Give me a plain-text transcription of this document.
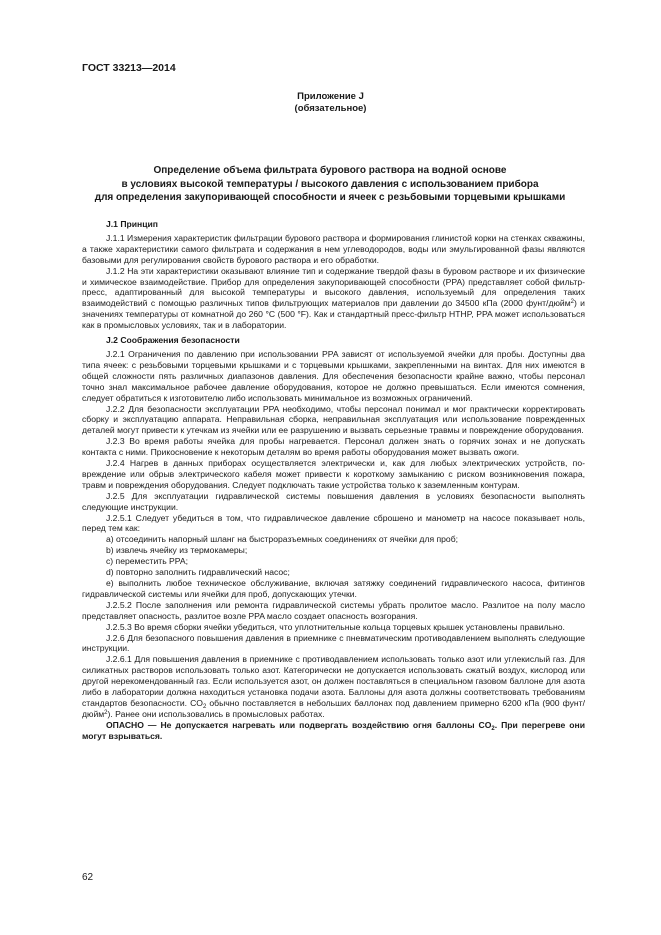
ГОСТ 33213—2014

Приложение J

(обязательное)

Определение объема фильтрата бурового раствора на водной основе
в условиях высокой температуры / высокого давления с использованием прибора
для определения закупоривающей способности и ячеек с резьбовыми торцевыми крышками

J.1 Принцип

J.1.1 Измерения характеристик фильтрации бурового раствора и формирования глинистой корки на стенках скважины, а также характеристики самого фильтрата и содержания в нем углеводородов, воды или эмульгированной фазы являются базовыми для регулирования свойств бурового раствора и его обработки.

J.1.2 На эти характеристики оказывают влияние тип и содержание твердой фазы в буровом растворе и их физические и химическое взаимодействие. Прибор для определения закупоривающей способности (PPA) представляет собой фильтр-пресс, адаптированный для высокой температуры и высокого давления, используемый для определения таких взаимодействий с помощью различных типов фильтрующих материалов при давлении до 34500 кПа (2000 фунт/дюйм$^2$) и значениях температуры от комнатной до 260 °С (500 °F). Как и стандартный пресс-фильтр HTHP, PPA может использоваться как в промысловых условиях, так и в лаборатории.

J.2 Соображения безопасности

J.2.1 Ограничения по давлению при использовании PPA зависят от используемой ячейки для пробы. Доступны два типа ячеек: с резьбовыми торцевыми крышками и с торцевыми крышками, закрепленными на винтах. Для них имеются в общей сложности пять различных диапазонов давления. Для обеспечения безопасности крайне важно, чтобы персонал точно знал максимальное рабочее давление оборудования, которое не должно превышаться. Если имеются сомнения, следует обратиться к изготовителю либо использовать минимальное из возможных ограничений.

J.2.2 Для безопасности эксплуатации PPA необходимо, чтобы персонал понимал и мог практически корректировать сборку и эксплуатацию аппарата. Неправильная сборка, неправильная эксплуатация или использование поврежденных деталей могут привести к утечкам из ячейки или ее разрушению и вызвать серьезные травмы и повреждение оборудования.

J.2.3 Во время работы ячейка для пробы нагревается. Персонал должен знать о горячих зонах и не допускать контакта с ними. Прикосновение к некоторым деталям во время работы оборудования может вызвать ожоги.

J.2.4 Нагрев в данных приборах осуществляется электрически и, как для любых электрических устройств, повреждение или обрыв электрического кабеля может привести к короткому замыканию с риском возникновения пожара, травм и повреждения оборудования. Следует подключать такие устройства только к заземленным контурам.

J.2.5 Для эксплуатации гидравлической системы повышения давления в условиях безопасности выполнять следующие инструкции.

J.2.5.1 Следует убедиться в том, что гидравлическое давление сброшено и манометр на насосе показывает ноль, перед тем как:

a) отсоединить напорный шланг на быстроразъемных соединениях от ячейки для проб;

b) извлечь ячейку из термокамеры;

c) переместить PPA;

d) повторно заполнить гидравлический насос;

e) выполнить любое техническое обслуживание, включая затяжку соединений гидравлического насоса, фитингов гидравлической системы или ячейки для проб, допускающих утечки.

J.2.5.2 После заполнения или ремонта гидравлической системы убрать пролитое масло. Разлитое на полу масло представляет опасность, разлитое возле PPA масло создает опасность возгорания.

J.2.5.3 Во время сборки ячейки убедиться, что уплотнительные кольца торцевых крышек установлены правильно.

J.2.6 Для безопасного повышения давления в приемнике с пневматическим противодавлением выполнять следующие инструкции.

J.2.6.1 Для повышения давления в приемнике с противодавлением использовать только азот или углекислый газ. Для силикатных растворов использовать только азот. Категорически не допускается использовать сжатый воздух, кислород или другой нерекомендованный газ. Если используется азот, он должен поставляться в специальном газовом баллоне для азота либо в лаборатории должна находиться установка подачи азота. Баллоны для азота должны соответствовать требованиям стандартов безопасности. $CO_2$ обычно поставляется в небольших баллонах под давлением примерно 6200 кПа (900 фунт/дюйм$^2$). Ранее они использовались в промысловых работах.

ОПАСНО — Не допускается нагревать или подвергать воздействию огня баллоны $CO_2$. При перегреве они могут взрываться.

62
